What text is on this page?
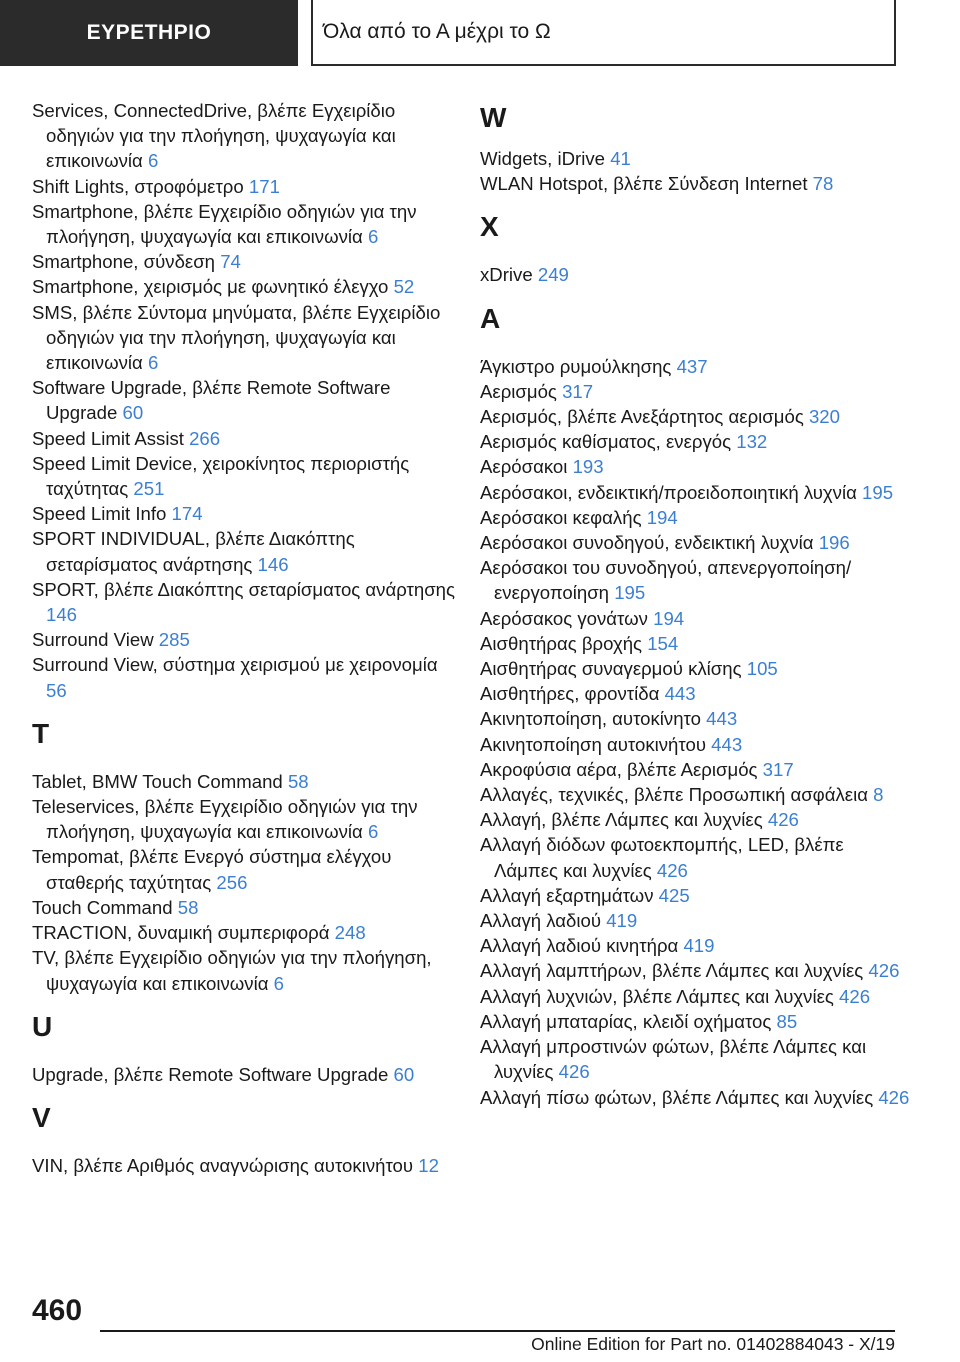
ΕΥΡΕΤΗΡΙΟ	Όλα από το Α μέχρι το Ω
Services, ConnectedDrive, βλέπε Εγχειρίδιο οδηγιών για την πλοήγηση, ψυχαγωγία και επικοινωνία 6
Shift Lights, στροφόμετρο 171
Smartphone, βλέπε Εγχειρίδιο οδηγιών για την πλοήγηση, ψυχαγωγία και επικοινωνία 6
Smartphone, σύνδεση 74
Smartphone, χειρισμός με φωνητικό έλεγχο 52
SMS, βλέπε Σύντομα μηνύματα, βλέπε Εγχειρίδιο οδηγιών για την πλοήγηση, ψυχαγωγία και επικοινωνία 6
Software Upgrade, βλέπε Remote Software Upgrade 60
Speed Limit Assist 266
Speed Limit Device, χειροκίνητος περιοριστής ταχύτητας 251
Speed Limit Info 174
SPORT INDIVIDUAL, βλέπε Διακόπτης σεταρίσματος ανάρτησης 146
SPORT, βλέπε Διακόπτης σεταρίσματος ανάρτησης 146
Surround View 285
Surround View, σύστημα χειρισμού με χειρονομία 56
T
Tablet, BMW Touch Command 58
Teleservices, βλέπε Εγχειρίδιο οδηγιών για την πλοήγηση, ψυχαγωγία και επικοινωνία 6
Tempomat, βλέπε Ενεργό σύστημα ελέγχου σταθερής ταχύτητας 256
Touch Command 58
TRACTION, δυναμική συμπεριφορά 248
TV, βλέπε Εγχειρίδιο οδηγιών για την πλοήγηση, ψυχαγωγία και επικοινωνία 6
U
Upgrade, βλέπε Remote Software Upgrade 60
V
VIN, βλέπε Αριθμός αναγνώρισης αυτοκινήτου 12
W
Widgets, iDrive 41
WLAN Hotspot, βλέπε Σύνδεση Internet 78
X
xDrive 249
A
Άγκιστρο ρυμούλκησης 437
Αερισμός 317
Αερισμός, βλέπε Ανεξάρτητος αερισμός 320
Αερισμός καθίσματος, ενεργός 132
Αερόσακοι 193
Αερόσακοι, ενδεικτική/προειδοποιητική λυχνία 195
Αερόσακοι κεφαλής 194
Αερόσακοι συνοδηγού, ενδεικτική λυχνία 196
Αερόσακοι του συνοδηγού, απενεργοποίηση/ενεργοποίηση 195
Αερόσακος γονάτων 194
Αισθητήρας βροχής 154
Αισθητήρας συναγερμού κλίσης 105
Αισθητήρες, φροντίδα 443
Ακινητοποίηση, αυτοκίνητο 443
Ακινητοποίηση αυτοκινήτου 443
Ακροφύσια αέρα, βλέπε Αερισμός 317
Αλλαγές, τεχνικές, βλέπε Προσωπική ασφάλεια 8
Αλλαγή, βλέπε Λάμπες και λυχνίες 426
Αλλαγή διόδων φωτοεκπομπής, LED, βλέπε Λάμπες και λυχνίες 426
Αλλαγή εξαρτημάτων 425
Αλλαγή λαδιού 419
Αλλαγή λαδιού κινητήρα 419
Αλλαγή λαμπτήρων, βλέπε Λάμπες και λυχνίες 426
Αλλαγή λυχνιών, βλέπε Λάμπες και λυχνίες 426
Αλλαγή μπαταρίας, κλειδί οχήματος 85
Αλλαγή μπροστινών φώτων, βλέπε Λάμπες και λυχνίες 426
Αλλαγή πίσω φώτων, βλέπε Λάμπες και λυχνίες 426
460
Online Edition for Part no. 01402884043 - X/19
